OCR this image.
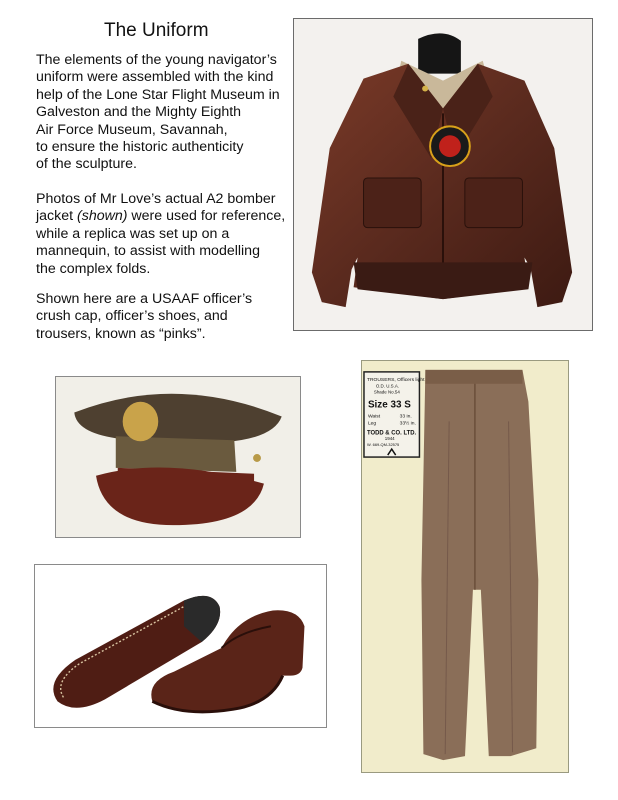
The Uniform

The elements of the young navigator’s
uniform were assembled with the kind
help of the Lone Star Flight Museum in
Galveston and the Mighty Eighth
Air Force Museum, Savannah,
to ensure the historic authenticity
of the sculpture.

Photos of Mr Love’s actual A2 bomber
jacket (shown) were used for reference,
while a replica was set up on a
mannequin, to assist with modelling
the complex folds.

Shown here are a USAAF officer’s
crush cap, officer’s shoes, and
trousers, known as “pinks”.

TROUSERS, Officers light
O.D. U.S.A.
Shade No.54
Size 33 S
Waist	33 in.
Leg	33½ in.
TODD & CO. LTD.
1944
W. 669-QM-32575
